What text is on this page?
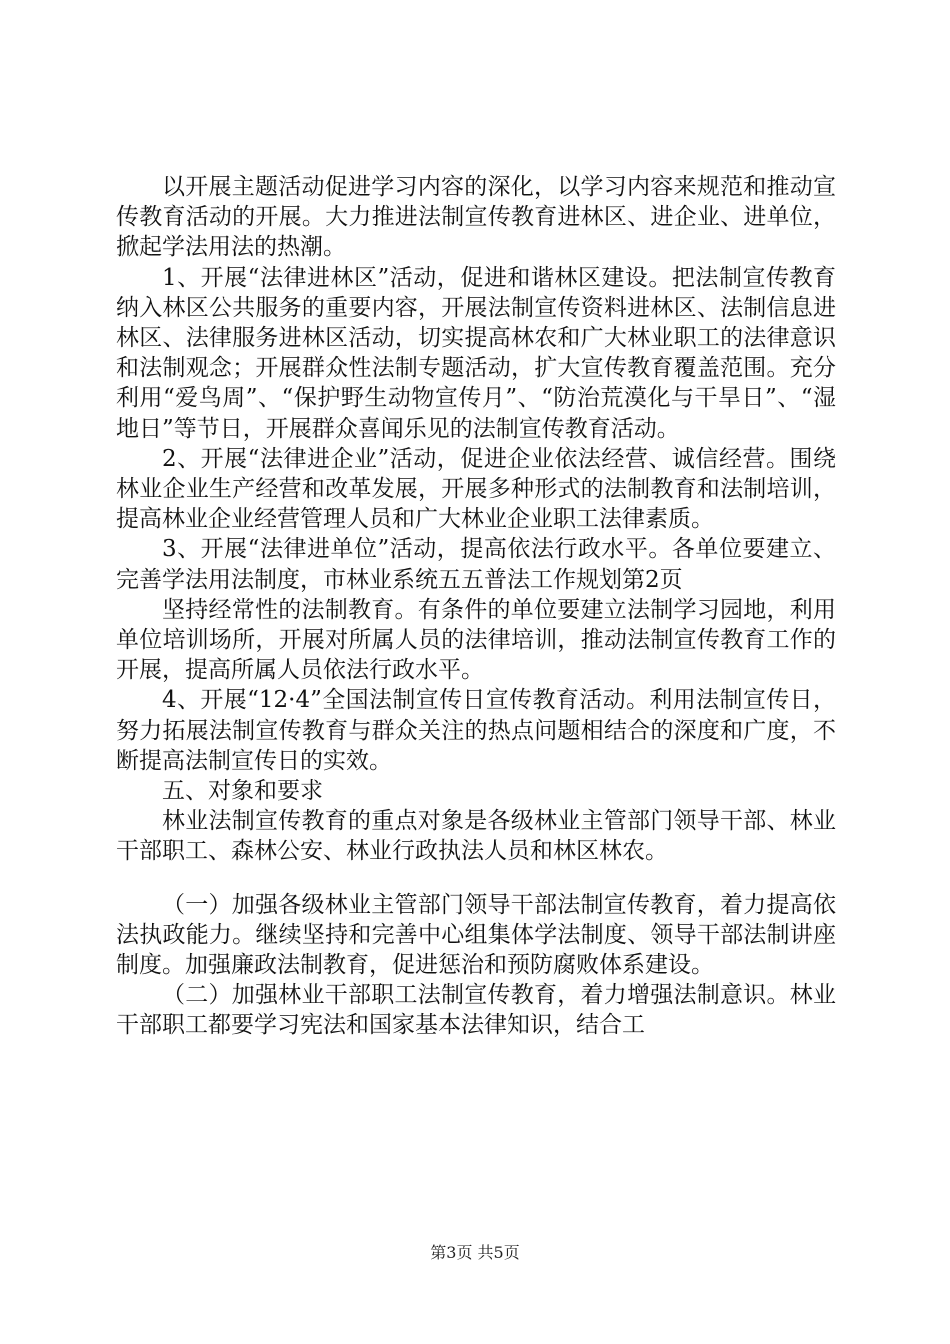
以开展主题活动促进学习内容的深化，以学习内容来规范和推动宣传教育活动的开展。大力推进法制宣传教育进林区、进企业、进单位，掀起学法用法的热潮。

1、开展“法律进林区”活动，促进和谐林区建设。把法制宣传教育纳入林区公共服务的重要内容，开展法制宣传资料进林区、法制信息进林区、法律服务进林区活动，切实提高林农和广大林业职工的法律意识和法制观念；开展群众性法制专题活动，扩大宣传教育覆盖范围。充分利用“爱鸟周”、“保护野生动物宣传月”、“防治荒漠化与干旱日”、“湿地日”等节日，开展群众喜闻乐见的法制宣传教育活动。

2、开展“法律进企业”活动，促进企业依法经营、诚信经营。围绕林业企业生产经营和改革发展，开展多种形式的法制教育和法制培训，提高林业企业经营管理人员和广大林业企业职工法律素质。

3、开展“法律进单位”活动，提高依法行政水平。各单位要建立、完善学法用法制度，市林业系统五五普法工作规划第2页

坚持经常性的法制教育。有条件的单位要建立法制学习园地，利用单位培训场所，开展对所属人员的法律培训，推动法制宣传教育工作的开展，提高所属人员依法行政水平。

4、开展“12·4”全国法制宣传日宣传教育活动。利用法制宣传日，努力拓展法制宣传教育与群众关注的热点问题相结合的深度和广度，不断提高法制宣传日的实效。

五、对象和要求

林业法制宣传教育的重点对象是各级林业主管部门领导干部、林业干部职工、森林公安、林业行政执法人员和林区林农。

（一）加强各级林业主管部门领导干部法制宣传教育，着力提高依法执政能力。继续坚持和完善中心组集体学法制度、领导干部法制讲座制度。加强廉政法制教育，促进惩治和预防腐败体系建设。

（二）加强林业干部职工法制宣传教育，着力增强法制意识。林业干部职工都要学习宪法和国家基本法律知识，结合工

第3页 共5页
